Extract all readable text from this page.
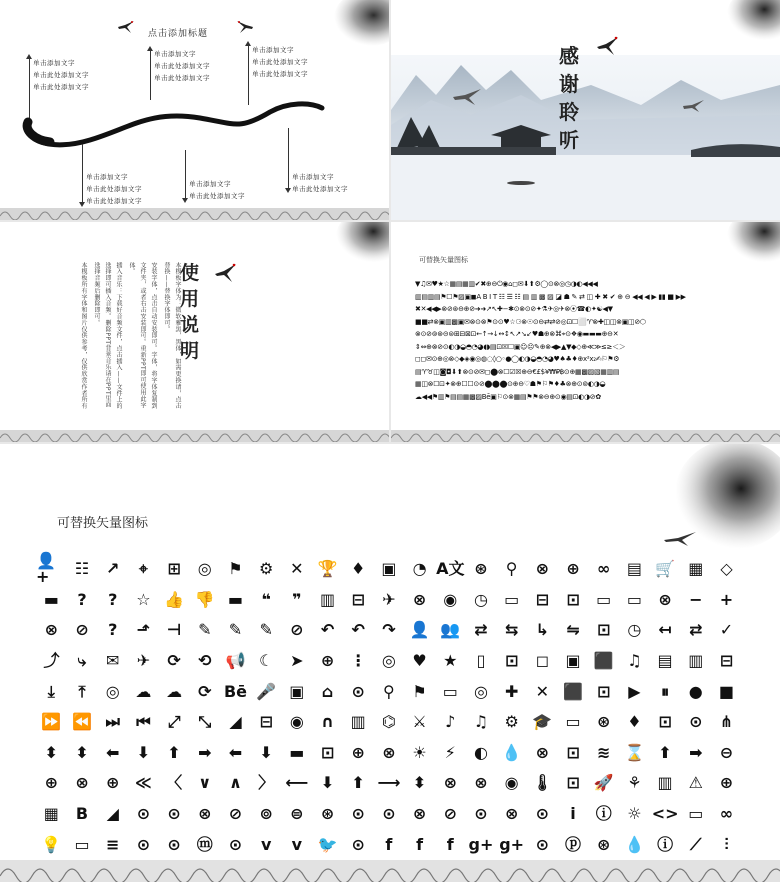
点击添加标题
单击添加文字
单击此处添加文字
单击此处添加文字
单击添加文字
单击此处添加文字
单击此处添加文字
单击添加文字
单击此处添加文字
单击此处添加文字
单击添加文字
单击此处添加文字
单击此处添加文字
单击添加文字
单击此处添加文字
单击添加文字
单击此处添加文字
感
谢
聆
听
使
用
说
明
本模板字体为：微软雅黑，黑体，如需更换请，点击替换——替换字体即可。
安装字体，点击自动安装即可。字体，将字体复制到文件夹，或者右击安装即可。重新PPT即可使用此字体。
插入音乐：下载好音频文件，点击插入——文件上的选择即可插入音频。删除PPT背景音乐请在PPT里面选择音频后删除即可。
本模板所有字体和图片仅供参考，仅供欣赏作者所有
可替换矢量图标
▼♫✉♥★☆▦▤▦▥✔✖⊕⊖⏻◉⌂◻✉⬇⬆⚙◯⊙⊗◎◷◑◐◀◀◀
▥▤▥▤⚑☐⚑▨▣◼A B I T ☷ ☰ ☷ ▤ ▥ ▩ ▨ ◪ ☗ ✎ ⇄ ◫ ✚ ✖ ✔ ⊕ ⊖ ◀◀ ◀ ▶ ▮▮ ■ ▶▶
✖✕◀◀▶⊗⊘⊛⊖⊕⊘➜➜↗↖✚−✱⊙⊗⊙⊘✦⚗✈◎✈⊗⦿☎◐✦☯◀▼
■■⇄⊗▣▥▩▣✉⊗⊙⊗⚑⊙⊙♥☆⚆⊗☉⊙⊖⇄⇄⊘◎⊡☐⬜♈⊗✚◫◫⊗▣◫⊘⬡
⊗⊙⊘⊚⊛⊝⊜⊞⊟⊠⊡←↑→↓↔↕↖↗↘↙♥☗⊕⊗⌘⌖⊙❖◉▬▬▬⊕⊖✕
⇕⇔⊕⊗⊘⊙◐◑◒◓◔◕◖◗▤⊡☒☐▣☺☹✎⊕⊗◀▶▲▼◆◇⊕≪≫≤≥＜＞
◻◻✉⊙⊕◎⊗◇◆◈◉◎◍◌◊○◦●◯◐◑◒◓◔◕♥♠♣♦⊕x²x₂✍⚐⚑⚙
▤♈♉◫◙◘⬇⬆⊗⊙⊘✉◻⬤⊗☐☑☒⊕⊖€£$¥₩₽฿⊙⊕▦▩▨▧▦▥▤
▦◫⊗☐⊡✦⊗⊕☐☐⊙⊘⬤⬤⬤⊙⊕⊖♡☗⚑⚐⚑♦♣⊗⊕⊙⊚◐◑◒
☁◀◀⚑▥⚑▤▤▦▩▨Bē▣⚐⊙⊗▦▤⚑⚑⊗⊖⊕⊙◉▤⊡◐◑⊘✿
可替换矢量图标
👤+	☷	↗	⌖	⊞	◎	⚑	⚙	✕ 🏆 ♦ ▣	◔ A文 ⊛	⚲	⊗	⊕	∞	▤ 🛒 ▦	◇
▬	?	?	☆ 👍 👎 ▬	❝	❞	▥	⊟	✈	⊗	◉	◷	▭	⊟	⊡	▭ ▭	⊗	−	+
⊗	⊘	?	⬏	⊣	✎	✎	✎	⊘	↶	↶	↷ 👤 👥 ⇄	⇆	↳	⇋	⊡	◷	↤	⇄	✓
⤴	⤷	✉	✈	⟳	⟲ 📢 ☾	➤	⊕ ⋮ ◎	♥	★	▯	⊡	◻	▣ ⬛ ♫ ▤ ▥	⊟
⤓	⤒	◎ ☁ ☁ ⟳ Bē 🎤 ▣	⌂	⊙	⚲	⚑ ▭	◎	✚	✕ ⬛ ⊡	▶	⏸	●	■
⏩ ⏪ ⏭	⏮	⤢	⤡	◢	⊟	◉	∩	▥	⌬	⚔	♪	♫	⚙ 🎓 ▭	⊛	♦	⊡	⊙	⋔
⬍	⬍	⬅	⬇	⬆	➡	⬅	⬇	▬	⊡	⊕	⊗	☀	⚡	◐ 💧 ⊗	⊡	≋ ⌛ ⬆	➡	⊖
⊕	⊗	⊕ ≪ 〈	∨	∧	〉 ⟵ ⬇	⬆ ⟶ ⬍	⊗	⊗	◉ 🌡 ⊡ 🚀 ⚘ ▥ ⚠	⊕
▦	B	◢	⊙	⊙	⊗	⊘	⊚	⊜	⊛	⊙	⊙	⊗	⊘	⊙	⊗	⊙	i	ⓘ ☼ <> ▭	∞
💡 ▭	≡	⊙	⊙ ⓜ ⊙	v	v 🐦 ⊙	f	f	f g+ g+ ⊙ ⓟ ⊛ 💧 ⓘ	⟋	⫶
